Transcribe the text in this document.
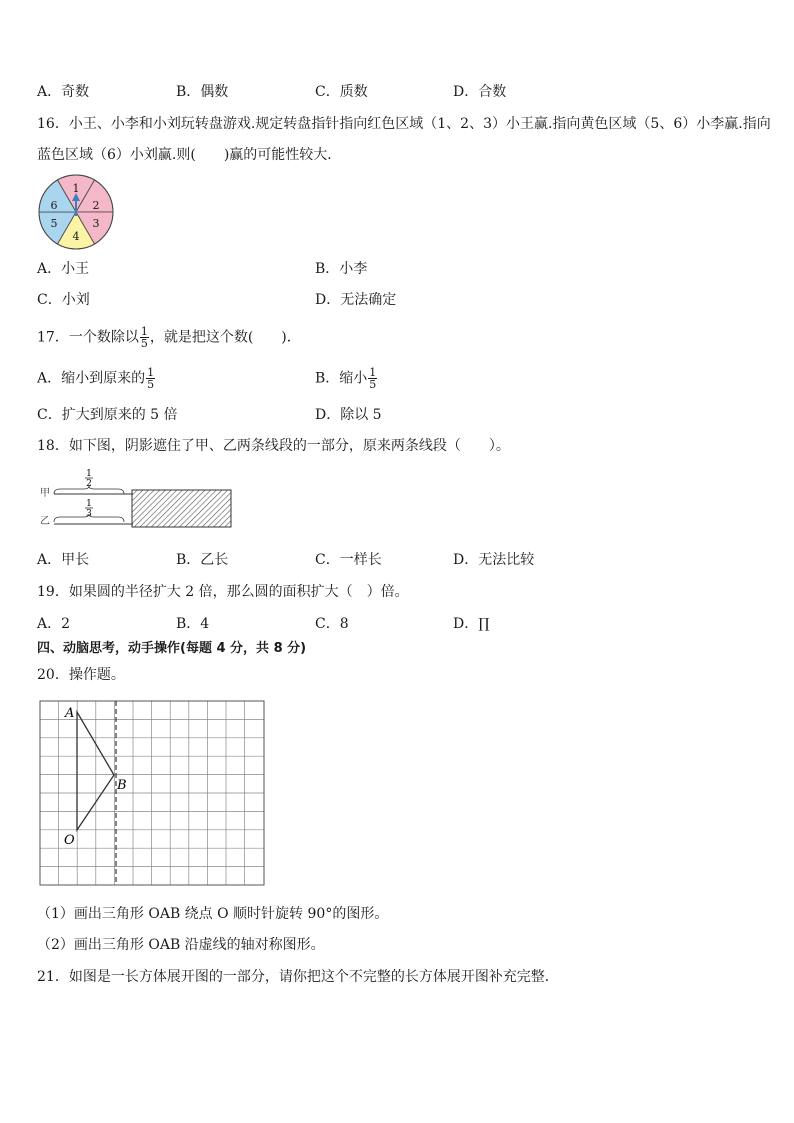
A．奇数	B．偶数	C．质数	D．合数
16．小王、小李和小刘玩转盘游戏.规定转盘指针指向红色区域（1、2、3）小王赢.指向黄色区域（5、6）小李赢.指向
蓝色区域（6）小刘赢.则(　　)赢的可能性较大．
1
2
3
4
5
6
A．小王	B．小李
C．小刘	D．无法确定
17．一个数除以 $\frac{1}{5}$ ，就是把这个数(　　)．
A．缩小到原来的 $\frac{1}{5}$	B．缩小 $\frac{1}{5}$
C．扩大到原来的 5 倍	D．除以 5
18．如下图，阴影遮住了甲、乙两条线段的一部分，原来两条线段（　　）。
甲
乙
1
2
1
3
A．甲长	B．乙长	C．一样长	D．无法比较
19．如果圆的半径扩大 2 倍，那么圆的面积扩大（　）倍。
A．2	B．4	C．8	D．∏
四、动脑思考，动手操作(每题 4 分，共 8 分)
20．操作题。
A
B
O
（1）画出三角形 OAB 绕点 O 顺时针旋转 90°的图形。
（2）画出三角形 OAB 沿虚线的轴对称图形。
21．如图是一长方体展开图的一部分，请你把这个不完整的长方体展开图补充完整．
